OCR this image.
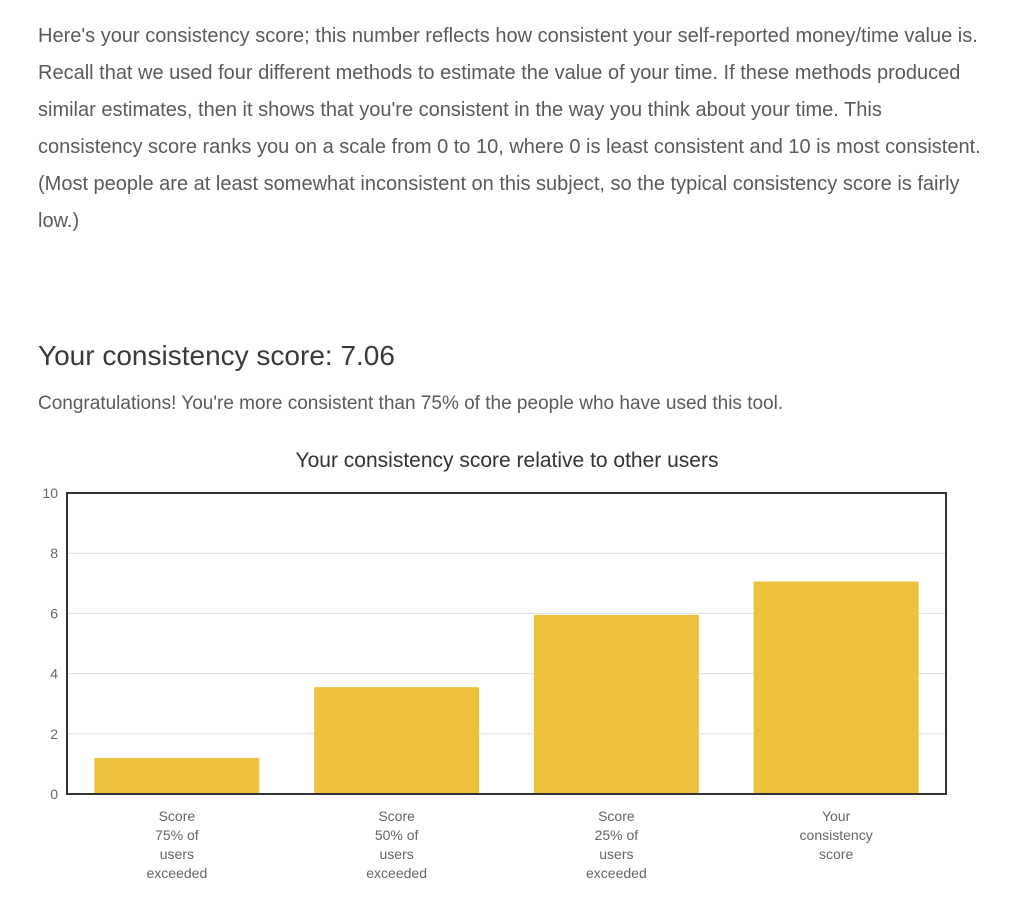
Here's your consistency score; this number reflects how consistent your self-reported money/time value is. Recall that we used four different methods to estimate the value of your time. If these methods produced similar estimates, then it shows that you're consistent in the way you think about your time. This consistency score ranks you on a scale from 0 to 10, where 0 is least consistent and 10 is most consistent. (Most people are at least somewhat inconsistent on this subject, so the typical consistency score is fairly low.)

Your consistency score: 7.06

Congratulations! You're more consistent than 75% of the people who have used this tool.

Your consistency score relative to other users
0
2
4
6
8
10
Score
75% of
users
exceeded
Score
50% of
users
exceeded
Score
25% of
users
exceeded
Your
consistency
score
